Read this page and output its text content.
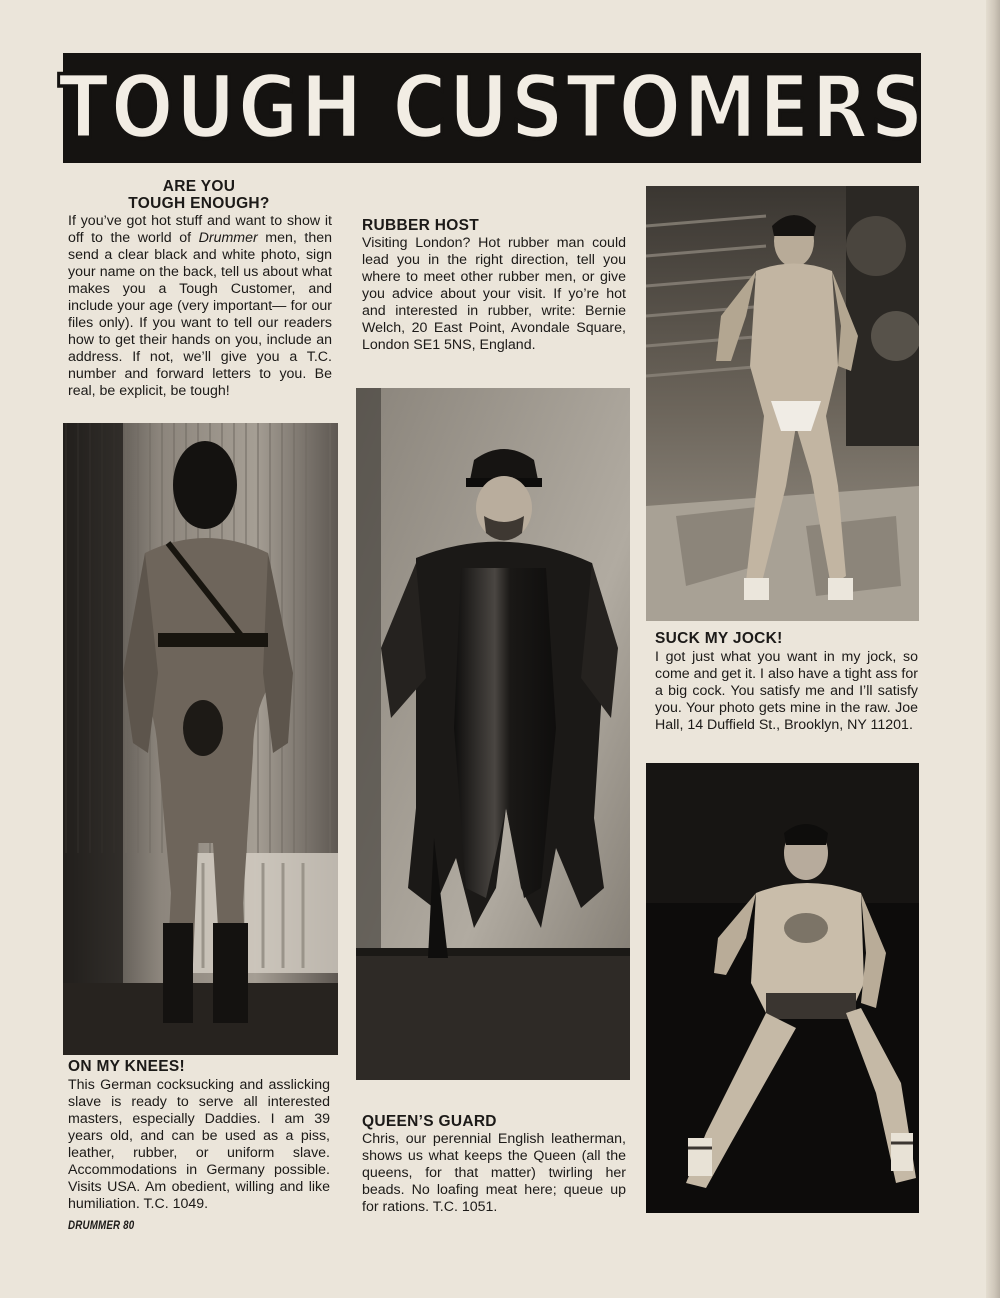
TOUGH CUSTOMERS
ARE YOU
TOUGH ENOUGH?
If you’ve got hot stuff and want to show it off to the world of Drummer men, then send a clear black and white photo, sign your name on the back, tell us about what makes you a Tough Customer, and include your age (very important— for our files only). If you want to tell our readers how to get their hands on you, include an address. If not, we’ll give you a T.C. number and forward letters to you. Be real, be explicit, be tough!
ON MY KNEES!
This German cocksucking and asslicking slave is ready to serve all interested masters, especially Daddies. I am 39 years old, and can be used as a piss, leather, rubber, or uniform slave. Accommodations in Germany possible. Visits USA. Am obedient, willing and like humiliation. T.C. 1049.
RUBBER HOST
Visiting London? Hot rubber man could lead you in the right direction, tell you where to meet other rubber men, or give you advice about your visit. If yo’re hot and interested in rubber, write: Bernie Welch, 20 East Point, Avondale Square, London SE1 5NS, England.
QUEEN’S GUARD
Chris, our perennial English leatherman, shows us what keeps the Queen (all the queens, for that matter) twirling her beads. No loafing meat here; queue up for rations. T.C. 1051.
SUCK MY JOCK!
I got just what you want in my jock, so come and get it. I also have a tight ass for a big cock. You satisfy me and I’ll satisfy you. Your photo gets mine in the raw. Joe Hall, 14 Duffield St., Brooklyn, NY 11201.
DRUMMER 80
